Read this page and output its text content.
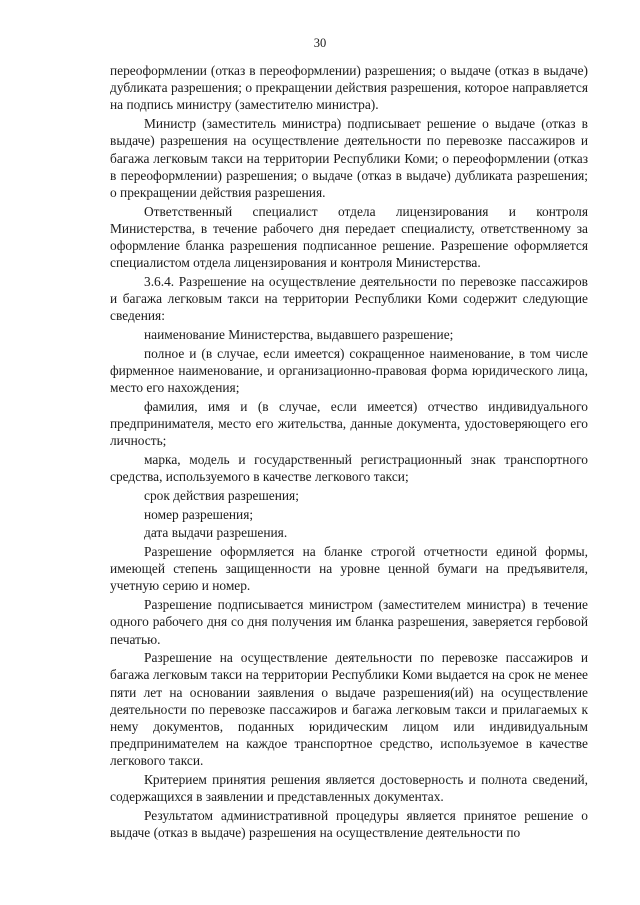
30

переоформлении (отказ в переоформлении) разрешения; о выдаче (отказ в выдаче) дубликата разрешения; о прекращении действия разрешения, которое направляется на подпись министру (заместителю министра).

Министр (заместитель министра) подписывает решение о выдаче (отказ в выдаче) разрешения на осуществление деятельности по перевозке пассажиров и багажа легковым такси на территории Республики Коми; о переоформлении (отказ в переоформлении) разрешения; о выдаче (отказ в выдаче) дубликата разрешения; о прекращении действия разрешения.

Ответственный специалист отдела лицензирования и контроля Министерства, в течение рабочего дня передает специалисту, ответственному за оформление бланка разрешения подписанное решение. Разрешение оформляется специалистом отдела лицензирования и контроля Министерства.

3.6.4. Разрешение на осуществление деятельности по перевозке пассажиров и багажа легковым такси на территории Республики Коми содержит следующие сведения:

наименование Министерства, выдавшего разрешение;

полное и (в случае, если имеется) сокращенное наименование, в том числе фирменное наименование, и организационно-правовая форма юридического лица, место его нахождения;

фамилия, имя и (в случае, если имеется) отчество индивидуального предпринимателя, место его жительства, данные документа, удостоверяющего его личность;

марка, модель и государственный регистрационный знак транспортного средства, используемого в качестве легкового такси;

срок действия разрешения;

номер разрешения;

дата выдачи разрешения.

Разрешение оформляется на бланке строгой отчетности единой формы, имеющей степень защищенности на уровне ценной бумаги на предъявителя, учетную серию и номер.

Разрешение подписывается министром (заместителем министра) в течение одного рабочего дня со дня получения им бланка разрешения, заверяется гербовой печатью.

Разрешение на осуществление деятельности по перевозке пассажиров и багажа легковым такси на территории Республики Коми выдается на срок не менее пяти лет на основании заявления о выдаче разрешения(ий) на осуществление деятельности по перевозке пассажиров и багажа легковым такси и прилагаемых к нему документов, поданных юридическим лицом или индивидуальным предпринимателем на каждое транспортное средство, используемое в качестве легкового такси.

Критерием принятия решения является достоверность и полнота сведений, содержащихся в заявлении и представленных документах.

Результатом административной процедуры является принятое решение о выдаче (отказ в выдаче) разрешения на осуществление деятельности по
